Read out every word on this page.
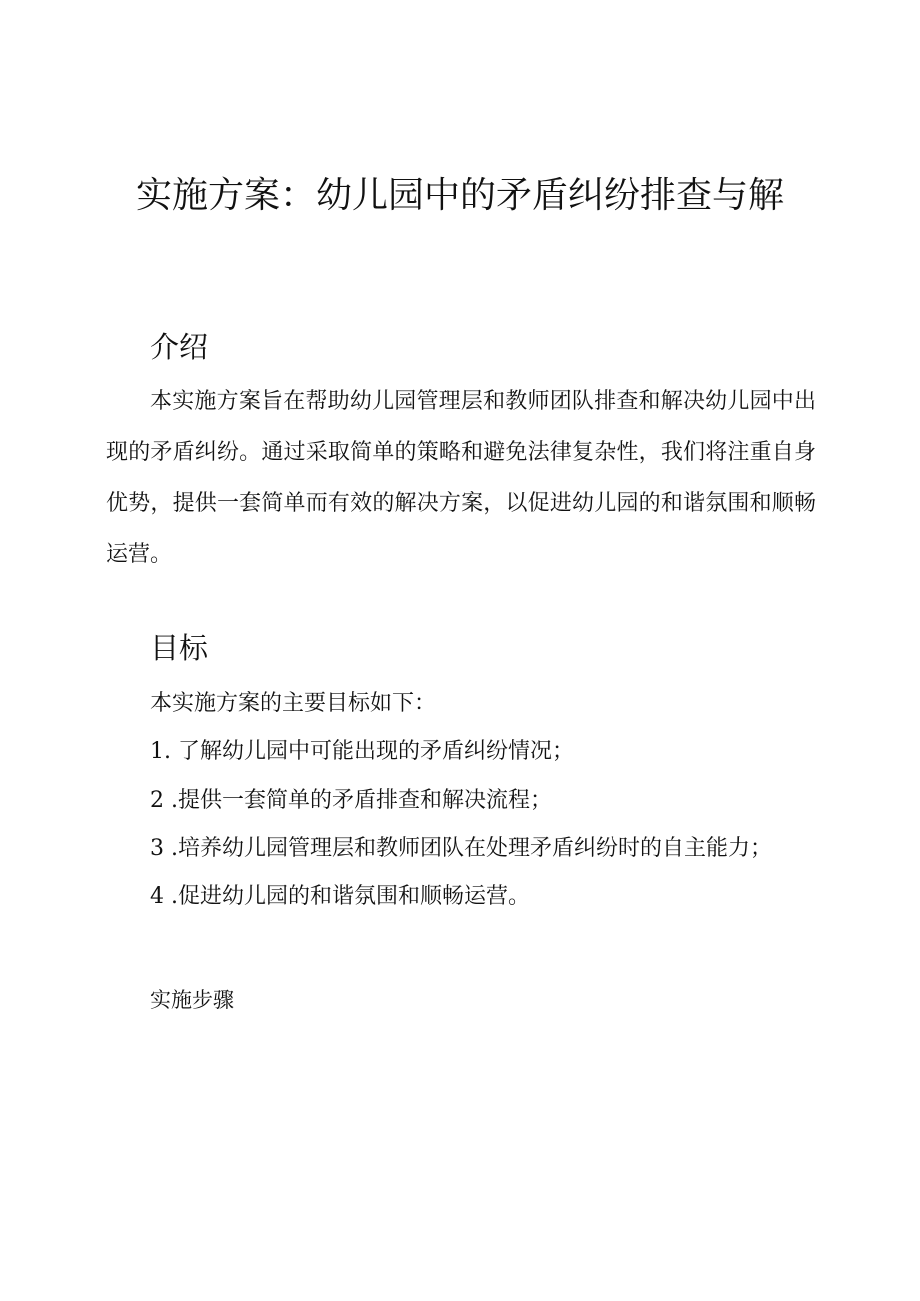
实施方案：幼儿园中的矛盾纠纷排查与解
介绍

本实施方案旨在帮助幼儿园管理层和教师团队排查和解决幼儿园中出现的矛盾纠纷。通过采取简单的策略和避免法律复杂性，我们将注重自身优势，提供一套简单而有效的解决方案，以促进幼儿园的和谐氛围和顺畅运营。

目标
本实施方案的主要目标如下：
1. 了解幼儿园中可能出现的矛盾纠纷情况；
2 .提供一套简单的矛盾排查和解决流程；
3 .培养幼儿园管理层和教师团队在处理矛盾纠纷时的自主能力；
4 .促进幼儿园的和谐氛围和顺畅运营。
实施步骤
